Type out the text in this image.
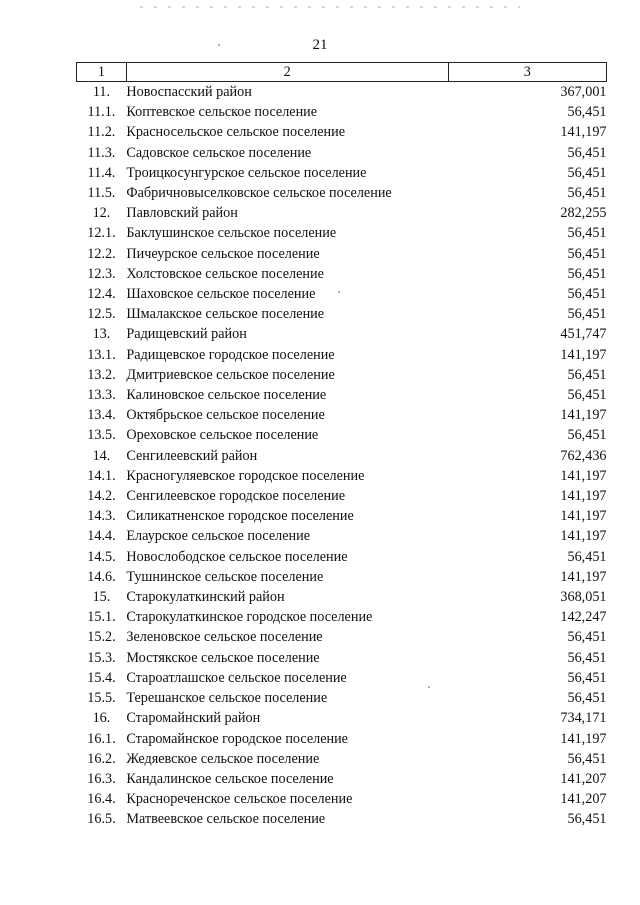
21
1	2	3
11.	Новоспасский район	367,001
11.1.	Коптевское сельское поселение	56,451
11.2.	Красносельское сельское поселение	141,197
11.3.	Садовское сельское поселение	56,451
11.4.	Троицкосунгурское сельское поселение	56,451
11.5.	Фабричновыселковское сельское поселение	56,451
12.	Павловский район	282,255
12.1.	Баклушинское сельское поселение	56,451
12.2.	Пичеурское сельское поселение	56,451
12.3.	Холстовское сельское поселение	56,451
12.4.	Шаховское сельское поселение	56,451
12.5.	Шмалакское сельское поселение	56,451
13.	Радищевский район	451,747
13.1.	Радищевское городское поселение	141,197
13.2.	Дмитриевское сельское поселение	56,451
13.3.	Калиновское сельское поселение	56,451
13.4.	Октябрьское сельское поселение	141,197
13.5.	Ореховское сельское поселение	56,451
14.	Сенгилеевский район	762,436
14.1.	Красногуляевское городское поселение	141,197
14.2.	Сенгилеевское городское поселение	141,197
14.3.	Силикатненское городское поселение	141,197
14.4.	Елаурское сельское поселение	141,197
14.5.	Новослободское сельское поселение	56,451
14.6.	Тушнинское сельское поселение	141,197
15.	Старокулаткинский район	368,051
15.1.	Старокулаткинское городское поселение	142,247
15.2.	Зеленовское сельское поселение	56,451
15.3.	Мостякское сельское поселение	56,451
15.4.	Староатлашское сельское поселение	56,451
15.5.	Терешанское сельское поселение	56,451
16.	Старомайнский район	734,171
16.1.	Старомайнское городское поселение	141,197
16.2.	Жедяевское сельское поселение	56,451
16.3.	Кандалинское сельское поселение	141,207
16.4.	Краснореченское сельское поселение	141,207
16.5.	Матвеевское сельское поселение	56,451
